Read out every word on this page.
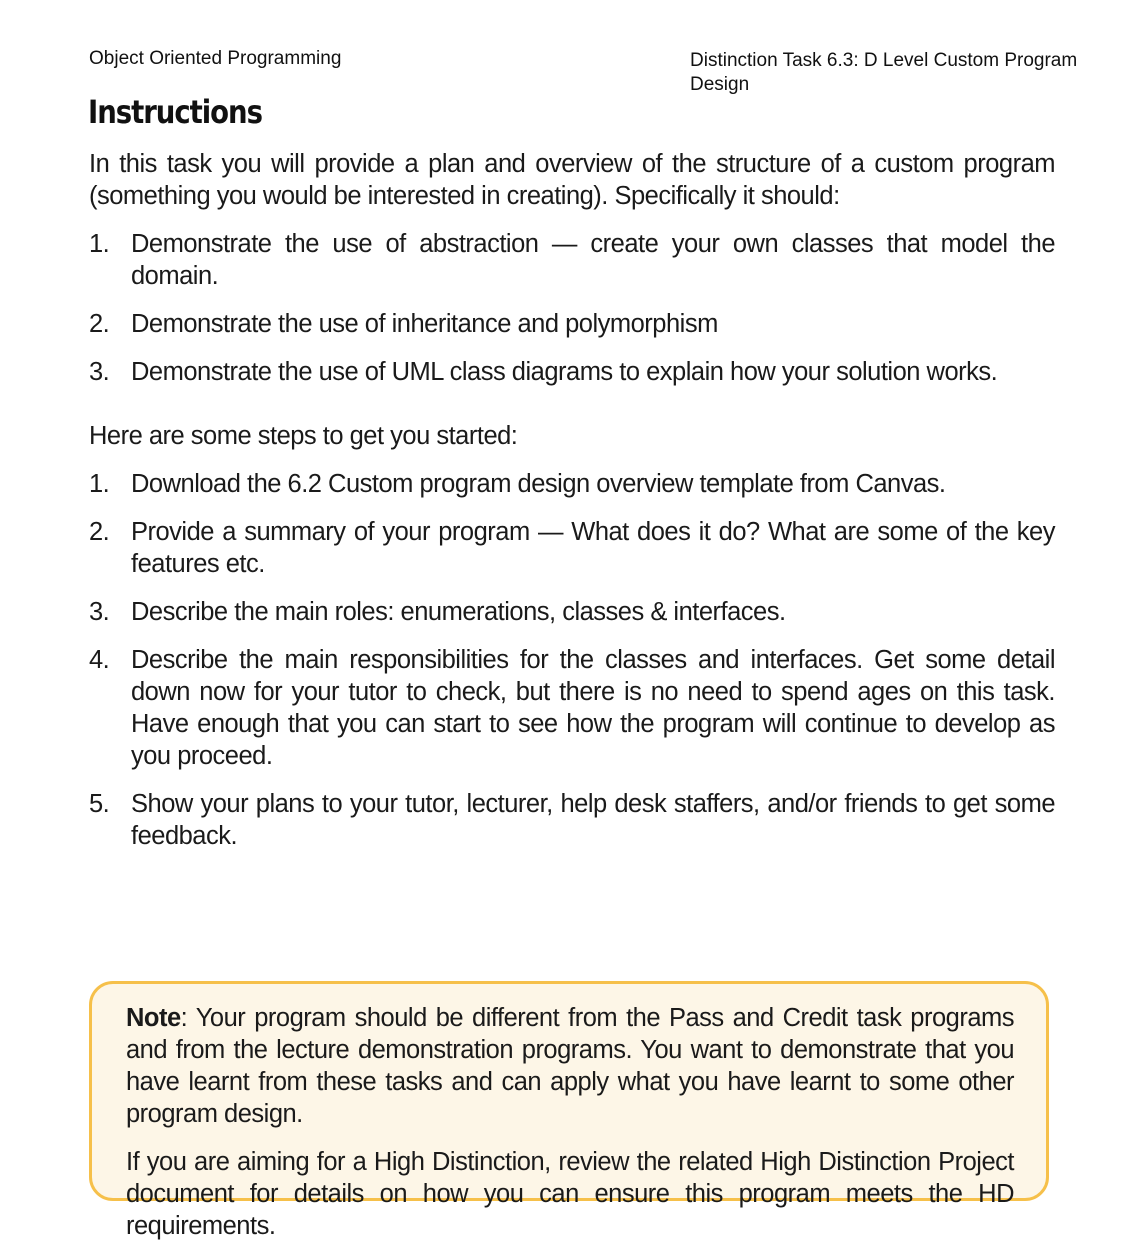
Object Oriented Programming	Distinction Task 6.3: D Level Custom Program
Design
Instructions

In this task you will provide a plan and overview of the structure of a custom program (something you would be interested in creating). Specifically it should:

1. Demonstrate the use of abstraction — create your own classes that model the domain.
2. Demonstrate the use of inheritance and polymorphism
3. Demonstrate the use of UML class diagrams to explain how your solution works.

Here are some steps to get you started:

1. Download the 6.2 Custom program design overview template from Canvas.
2. Provide a summary of your program — What does it do? What are some of the key features etc.
3. Describe the main roles: enumerations, classes & interfaces.
4. Describe the main responsibilities for the classes and interfaces. Get some detail down now for your tutor to check, but there is no need to spend ages on this task. Have enough that you can start to see how the program will continue to develop as you proceed.
5. Show your plans to your tutor, lecturer, help desk staffers, and/or friends to get some feedback.

Note: Your program should be different from the Pass and Credit task programs and from the lecture demonstration programs. You want to demonstrate that you have learnt from these tasks and can apply what you have learnt to some other program design.

If you are aiming for a High Distinction, review the related High Distinction Project document for details on how you can ensure this program meets the HD requirements.
